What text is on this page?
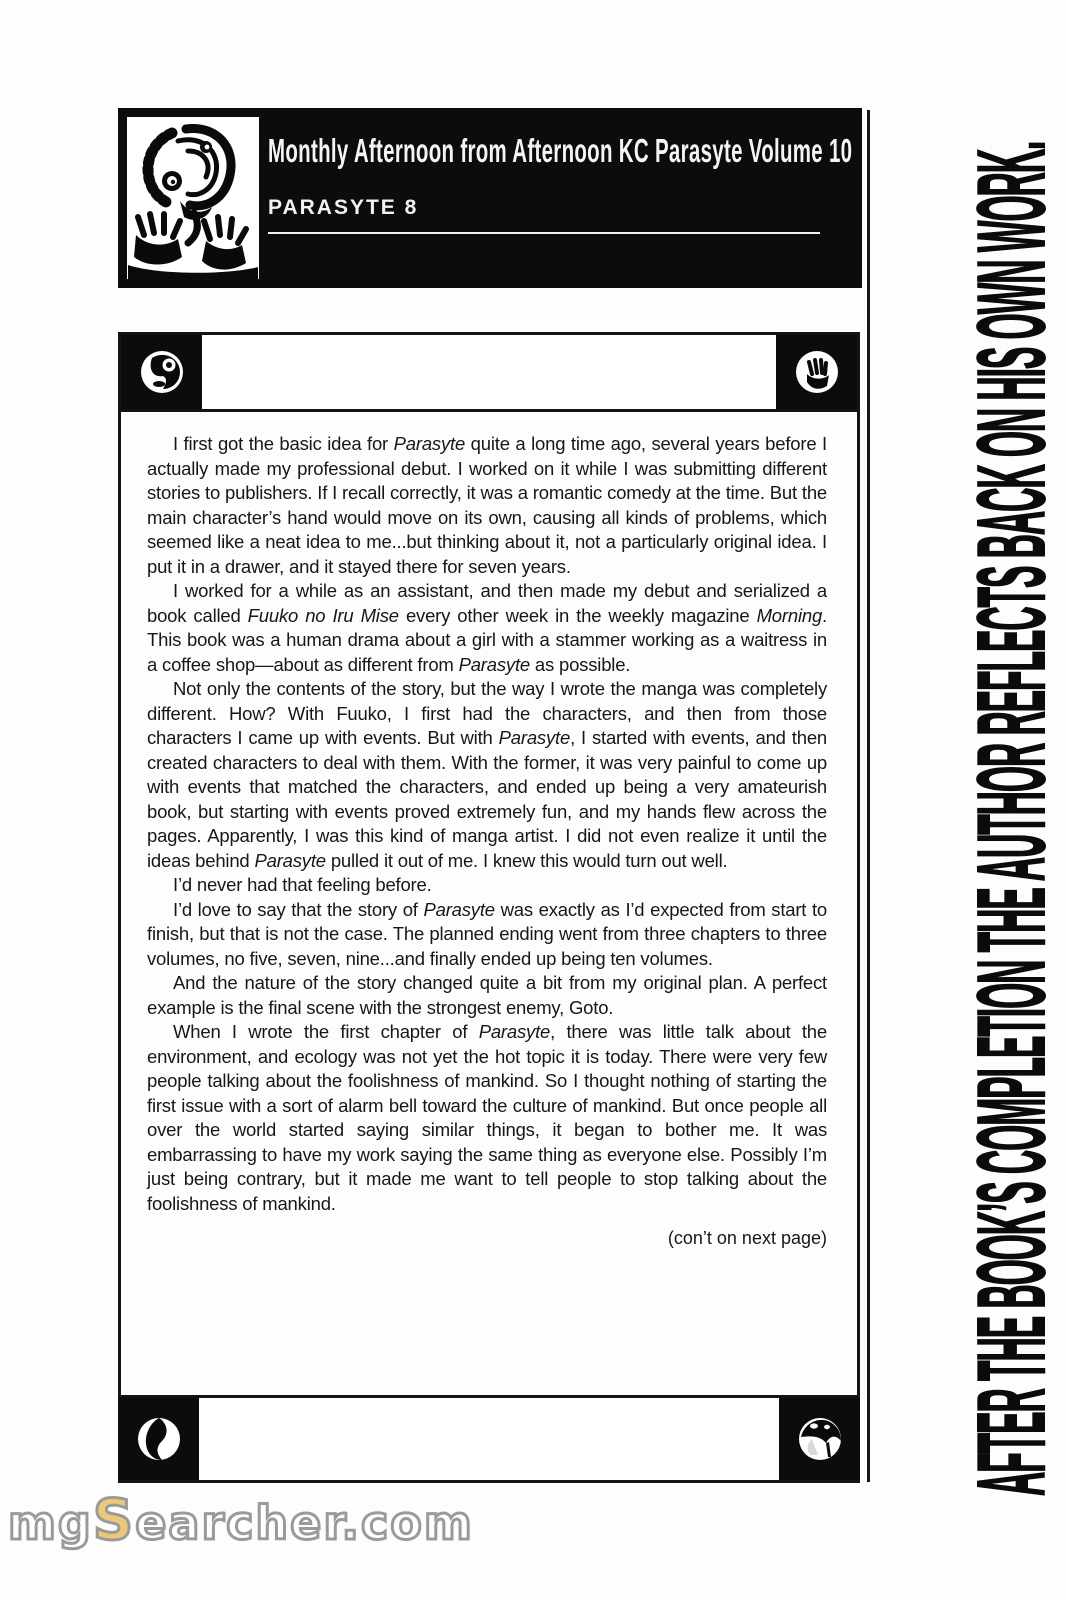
Monthly Afternoon from Afternoon KC Parasyte Volume 10
PARASYTE 8

I first got the basic idea for Parasyte quite a long time ago, several years before I actually made my professional debut. I worked on it while I was submitting different stories to publishers. If I recall correctly, it was a romantic comedy at the time. But the main character’s hand would move on its own, causing all kinds of problems, which seemed like a neat idea to me...but thinking about it, not a particularly original idea. I put it in a drawer, and it stayed there for seven years.

I worked for a while as an assistant, and then made my debut and serialized a book called Fuuko no Iru Mise every other week in the weekly magazine Morning. This book was a human drama about a girl with a stammer working as a waitress in a coffee shop—about as different from Parasyte as possible.

Not only the contents of the story, but the way I wrote the manga was completely different. How? With Fuuko, I first had the characters, and then from those characters I came up with events. But with Parasyte, I started with events, and then created characters to deal with them. With the former, it was very painful to come up with events that matched the characters, and ended up being a very amateurish book, but starting with events proved extremely fun, and my hands flew across the pages. Apparently, I was this kind of manga artist. I did not even realize it until the ideas behind Parasyte pulled it out of me. I knew this would turn out well.

I’d never had that feeling before.

I’d love to say that the story of Parasyte was exactly as I’d expected from start to finish, but that is not the case. The planned ending went from three chapters to three volumes, no five, seven, nine...and finally ended up being ten volumes.

And the nature of the story changed quite a bit from my original plan. A perfect example is the final scene with the strongest enemy, Goto.

When I wrote the first chapter of Parasyte, there was little talk about the environment, and ecology was not yet the hot topic it is today. There were very few people talking about the foolishness of mankind. So I thought nothing of starting the first issue with a sort of alarm bell toward the culture of mankind. But once people all over the world started saying similar things, it began to bother me. It was embarrassing to have my work saying the same thing as everyone else. Possibly I’m just being contrary, but it made me want to tell people to stop talking about the foolishness of mankind.

(con’t on next page)	AFTER THE BOOK’S COMPLETION THE AUTHOR REFLECTS BACK ON HIS OWN WORK.
mgSearcher.com
